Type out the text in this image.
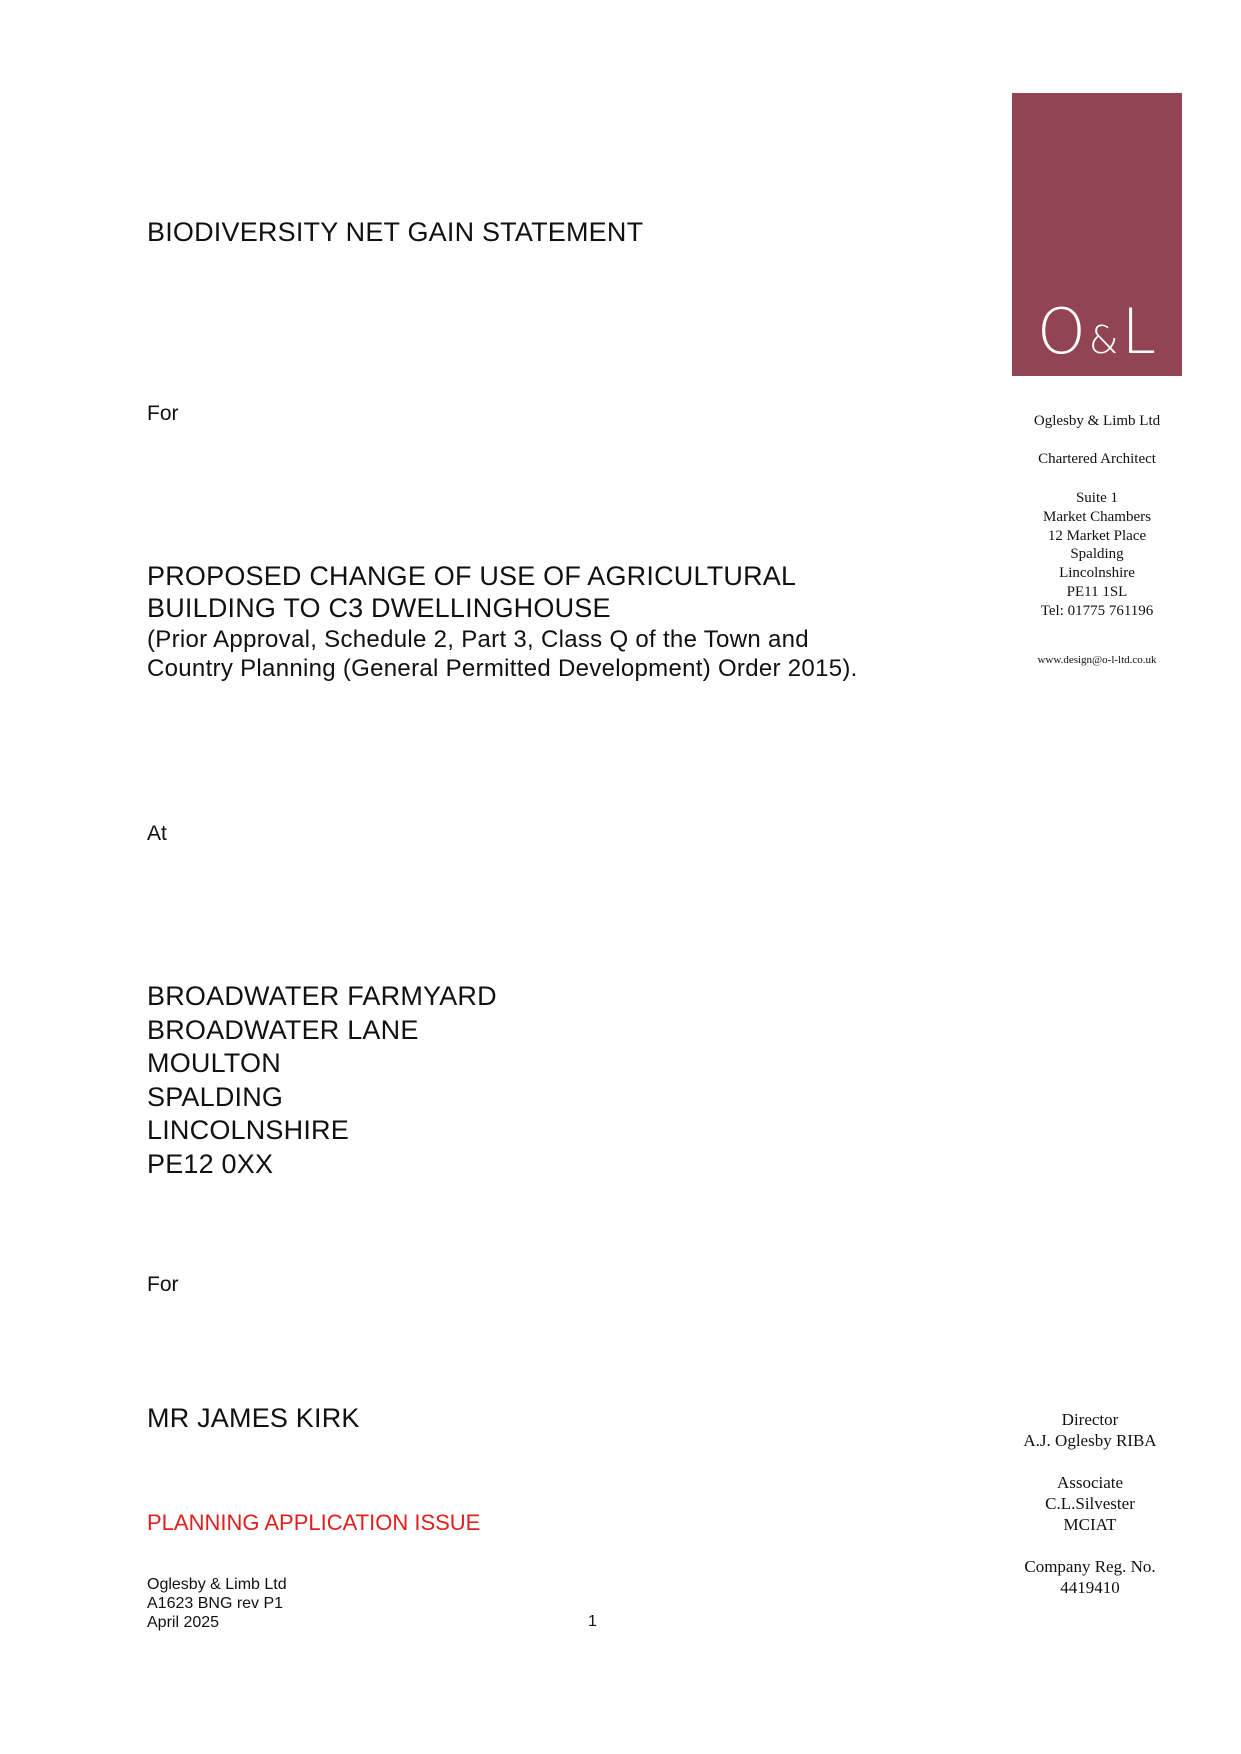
BIODIVERSITY NET GAIN STATEMENT
For
PROPOSED CHANGE OF USE OF AGRICULTURAL
BUILDING TO C3 DWELLINGHOUSE
(Prior Approval, Schedule 2, Part 3, Class Q of the Town and
Country Planning (General Permitted Development) Order 2015).
At
BROADWATER FARMYARD
BROADWATER LANE
MOULTON
SPALDING
LINCOLNSHIRE
PE12 0XX
For
MR JAMES KIRK
PLANNING APPLICATION ISSUE
Oglesby & Limb Ltd
A1623 BNG rev P1
April 2025	1
O&L
Oglesby & Limb Ltd
Chartered Architect
Suite 1
Market Chambers
12 Market Place
Spalding
Lincolnshire
PE11 1SL
Tel: 01775 761196
www.design@o-l-ltd.co.uk
Director
A.J. Oglesby RIBA
Associate
C.L.Silvester
MCIAT
Company Reg. No.
4419410
